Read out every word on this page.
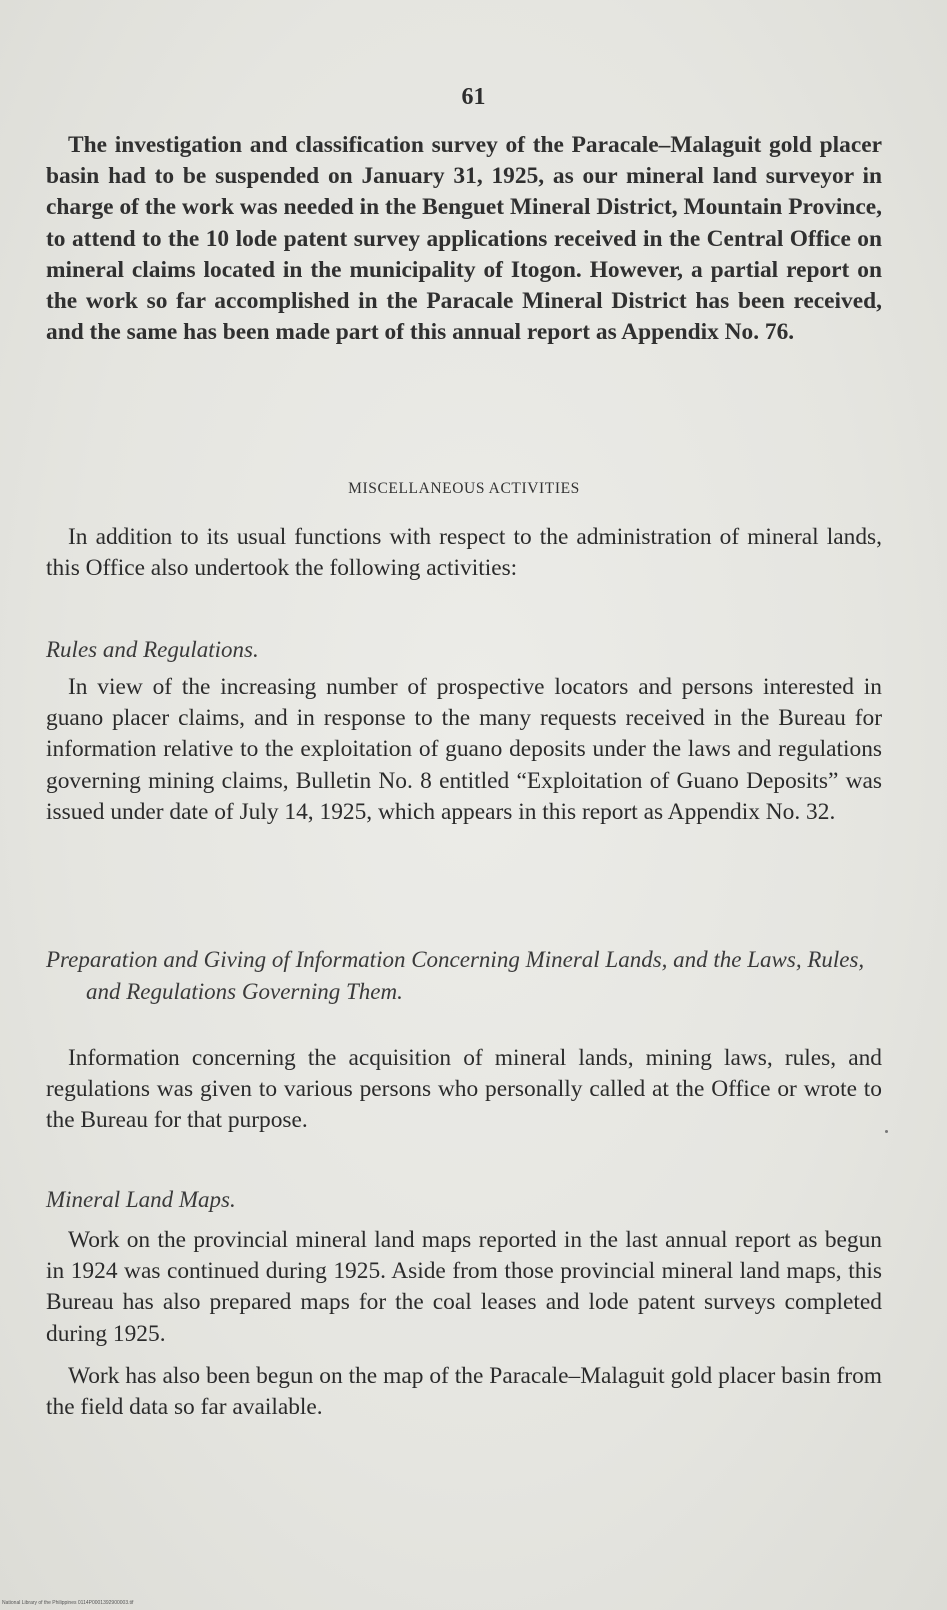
61

The investigation and classification survey of the Paracale–Malaguit gold placer basin had to be suspended on January 31, 1925, as our mineral land surveyor in charge of the work was needed in the Benguet Mineral District, Mountain Province, to attend to the 10 lode patent survey applications received in the Central Office on mineral claims located in the municipality of Itogon. However, a partial report on the work so far accomplished in the Paracale Mineral District has been received, and the same has been made part of this annual report as Appendix No. 76.

MISCELLANEOUS ACTIVITIES

In addition to its usual functions with respect to the administration of mineral lands, this Office also undertook the following activities:

Rules and Regulations.

In view of the increasing number of prospective locators and persons interested in guano placer claims, and in response to the many requests received in the Bureau for information relative to the exploitation of guano deposits under the laws and regulations governing mining claims, Bulletin No. 8 entitled “Exploitation of Guano Deposits” was issued under date of July 14, 1925, which appears in this report as Appendix No. 32.

Preparation and Giving of Information Concerning Mineral Lands, and the Laws, Rules, and Regulations Governing Them.

Information concerning the acquisition of mineral lands, mining laws, rules, and regulations was given to various persons who personally called at the Office or wrote to the Bureau for that purpose.

Mineral Land Maps.

Work on the provincial mineral land maps reported in the last annual report as begun in 1924 was continued during 1925. Aside from those provincial mineral land maps, this Bureau has also prepared maps for the coal leases and lode patent surveys completed during 1925.

Work has also been begun on the map of the Paracale–Malaguit gold placer basin from the field data so far available.

National Library of the Philippines 0114P0001392900003.tif
